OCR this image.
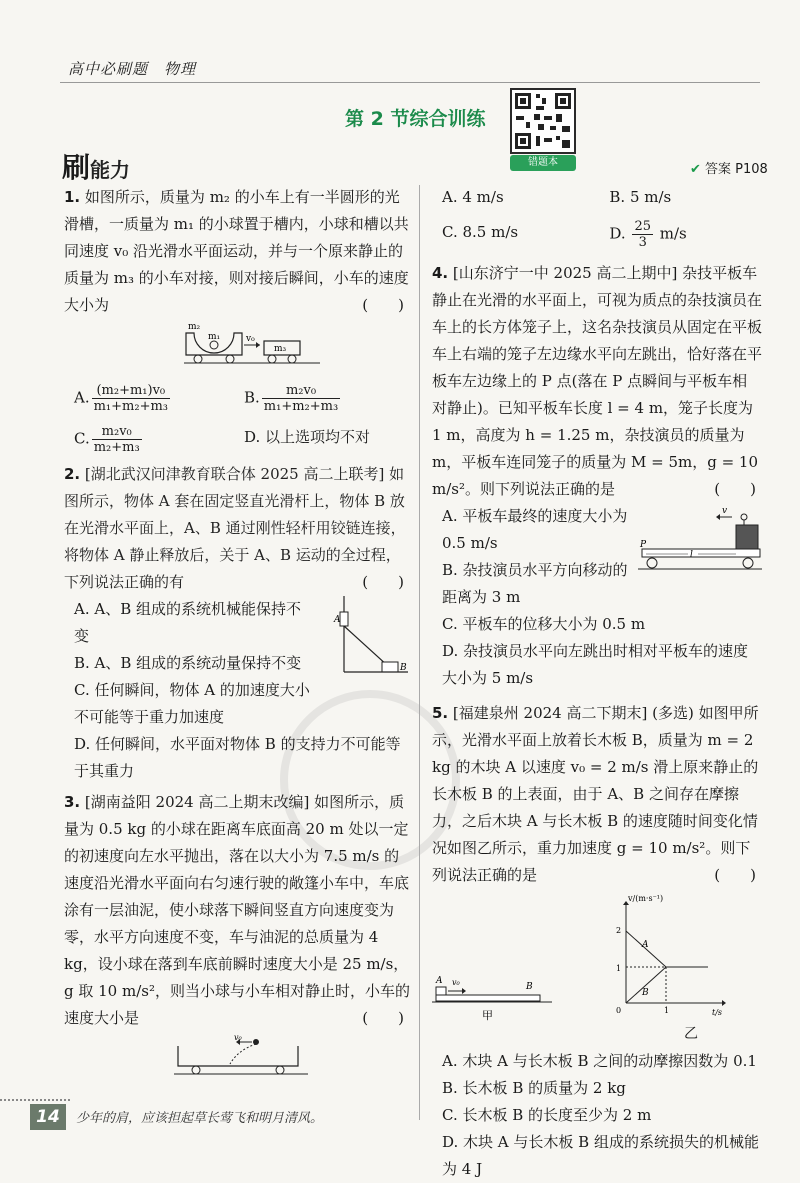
高中必刷题　物理
第 2 节综合训练
错题本
刷能力	✔ 答案 P108

1. 如图所示，质量为 m₂ 的小车上有一半圆形的光滑槽，一质量为 m₁ 的小球置于槽内，小球和槽以共同速度 v₀ 沿光滑水平面运动，并与一个原来静止的质量为 m₃ 的小车对接，则对接后瞬间，小车的速度大小为	(　　)

m₂
m₁	v₀
m₃
A. $\frac{\text{(m₂+m₁)v₀}}{\text{m₁+m₂+m₃}}$	B. $\frac{\text{m₂v₀}}{\text{m₁+m₂+m₃}}$
C. $\frac{\text{m₂v₀}}{\text{m₂+m₃}}$	D. 以上选项均不对

2. [湖北武汉问津教育联合体 2025 高二上联考] 如图所示，物体 A 套在固定竖直光滑杆上，物体 B 放在光滑水平面上，A、B 通过刚性轻杆用铰链连接，将物体 A 静止释放后，关于 A、B 运动的全过程，下列说法正确的有	(　　)

A
B

A. A、B 组成的系统机械能保持不变

B. A、B 组成的系统动量保持不变

C. 任何瞬间，物体 A 的加速度大小不可能等于重力加速度

D. 任何瞬间，水平面对物体 B 的支持力不可能等于其重力

3. [湖南益阳 2024 高二上期末改编] 如图所示，质量为 0.5 kg 的小球在距离车底面高 20 m 处以一定的初速度向左水平抛出，落在以大小为 7.5 m/s 的速度沿光滑水平面向右匀速行驶的敞篷小车中，车底涂有一层油泥，使小球落下瞬间竖直方向速度变为零，水平方向速度不变，车与油泥的总质量为 4 kg，设小球在落到车底前瞬时速度大小是 25 m/s，g 取 10 m/s²，则当小球与小车相对静止时，小车的速度大小是	(　　)

v₀
A. 4 m/s	B. 5 m/s
C. 8.5 m/s	D. $\frac{25}{3} m/s$

4. [山东济宁一中 2025 高二上期中] 杂技平板车静止在光滑的水平面上，可视为质点的杂技演员在车上的长方体笼子上，这名杂技演员从固定在平板车上右端的笼子左边缘水平向左跳出，恰好落在平板车左边缘上的 P 点(落在 P 点瞬间与平板车相对静止)。已知平板车长度 l = 4 m，笼子长度为 1 m，高度为 h = 1.25 m，杂技演员的质量为 m，平板车连同笼子的质量为 M = 5m，g = 10 m/s²。则下列说法正确的是	(　　)

v
P
l

A. 平板车最终的速度大小为 0.5 m/s

B. 杂技演员水平方向移动的距离为 3 m

C. 平板车的位移大小为 0.5 m

D. 杂技演员水平向左跳出时相对平板车的速度大小为 5 m/s

5. [福建泉州 2024 高二下期末] (多选) 如图甲所示，光滑水平面上放着长木板 B，质量为 m = 2 kg 的木块 A 以速度 v₀ = 2 m/s 滑上原来静止的长木板 B 的上表面，由于 A、B 之间存在摩擦力，之后木块 A 与长木板 B 的速度随时间变化情况如图乙所示，重力加速度 g = 10 m/s²。则下列说法正确的是	(　　)

A v₀	B
甲
v/(m·s⁻¹)
t/s
2
1
0	1
A
B
乙

A. 木块 A 与长木板 B 之间的动摩擦因数为 0.1

B. 长木板 B 的质量为 2 kg

C. 长木板 B 的长度至少为 2 m

D. 木块 A 与长木板 B 组成的系统损失的机械能为 4 J

14	少年的肩，应该担起草长莺飞和明月清风。
